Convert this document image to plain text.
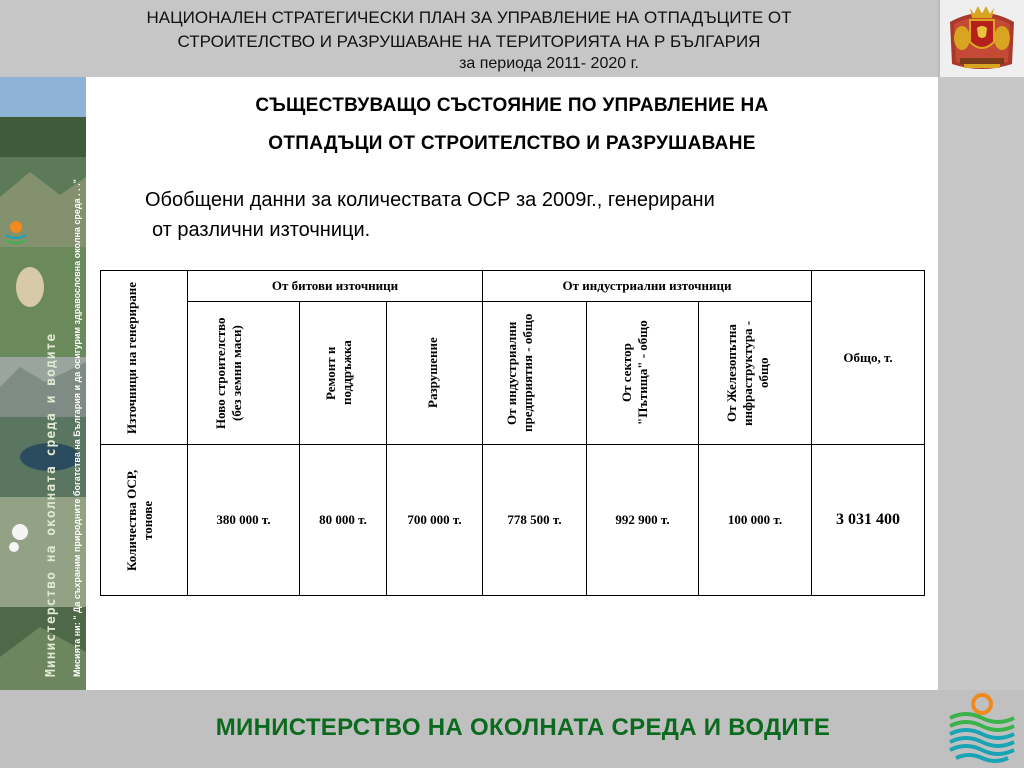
НАЦИОНАЛЕН СТРАТЕГИЧЕСКИ ПЛАН ЗА УПРАВЛЕНИЕ НА ОТПАДЪЦИТЕ ОТ
СТРОИТЕЛСТВО И РАЗРУШАВАНЕ НА ТЕРИТОРИЯТА НА Р БЪЛГАРИЯ
за периода 2011- 2020 г.
Министерство на околната среда и водите Мисията ни: " Да съхраним природните богатства на България и да осигурим здравословна околна среда . . ."
СЪЩЕСТВУВАЩО СЪСТОЯНИЕ ПО УПРАВЛЕНИЕ НА
ОТПАДЪЦИ ОТ СТРОИТЕЛСТВО И РАЗРУШАВАНЕ
Обобщени данни за количествата ОСР за 2009г., генерирани
от различни източници.
Източници на генериране	От битови източници			От индустриални източници			Общо, т.

	Ново строителство (без земни маси)	Ремонт и поддръжка	Разрушение	От индустриални предприятия - общо	От сектор "Пътища" - общо	От Железопътна инфраструктура - общо	

Количества ОСР, тонове	380 000 т.	80 000 т.	700 000 т.	778 500 т.	992 900 т.	100 000 т.	3 031 400
МИНИСТЕРСТВО НА ОКОЛНАТА СРЕДА И ВОДИТЕ
